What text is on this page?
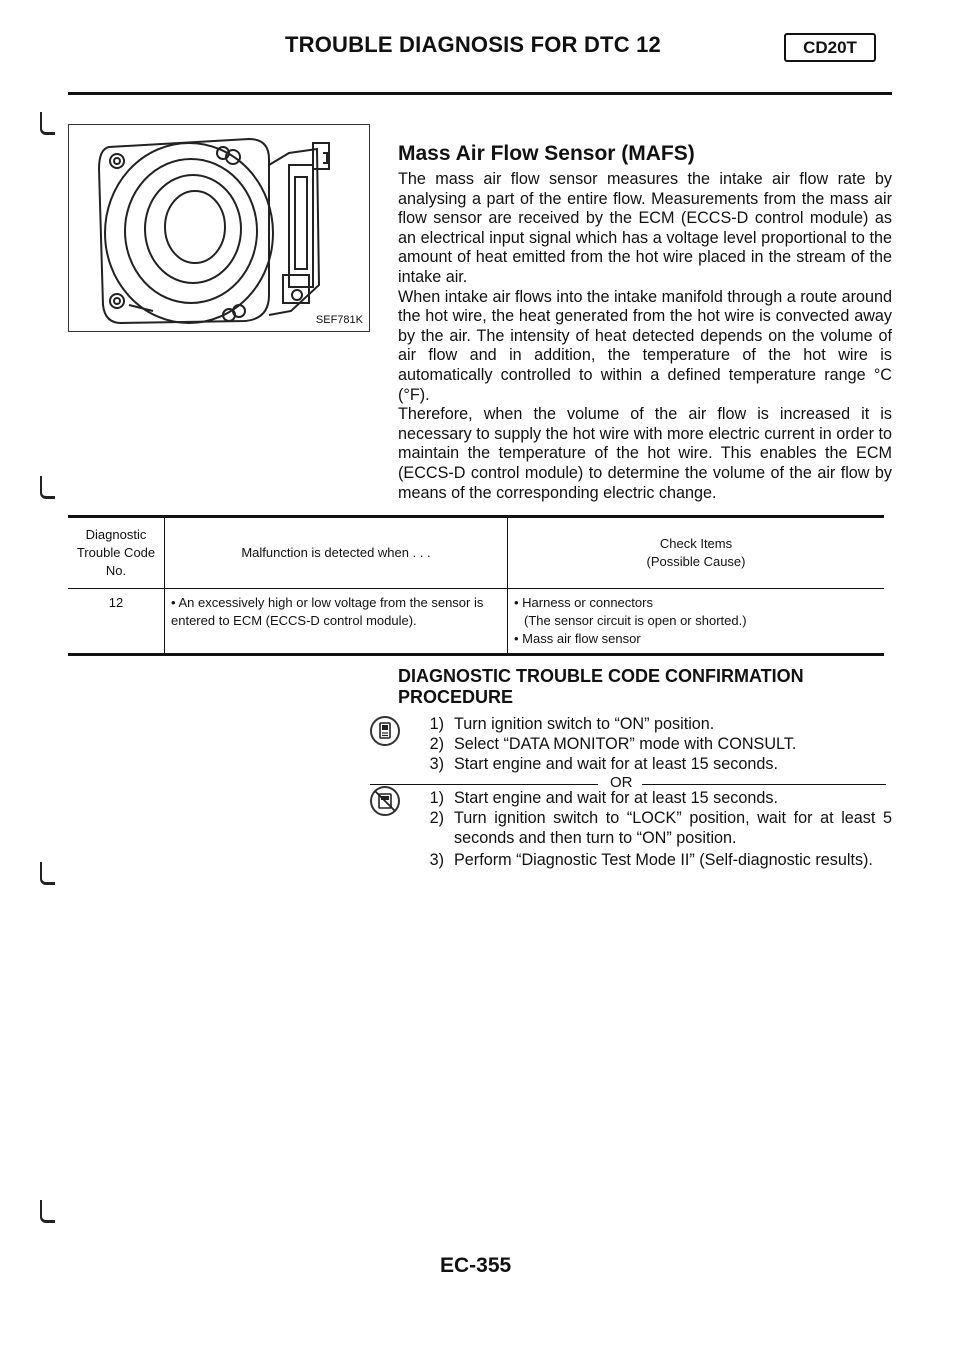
TROUBLE DIAGNOSIS FOR DTC 12	CD20T
SEF781K
Mass Air Flow Sensor (MAFS)

The mass air flow sensor measures the intake air flow rate by analysing a part of the entire flow. Measurements from the mass air flow sensor are received by the ECM (ECCS-D control module) as an electrical input signal which has a voltage level proportional to the amount of heat emitted from the hot wire placed in the stream of the intake air.

When intake air flows into the intake manifold through a route around the hot wire, the heat generated from the hot wire is convected away by the air. The intensity of heat detected depends on the volume of air flow and in addition, the temperature of the hot wire is automatically controlled to within a defined temperature range °C (°F).

Therefore, when the volume of the air flow is increased it is necessary to supply the hot wire with more electric current in order to maintain the temperature of the hot wire. This enables the ECM (ECCS-D control module) to determine the volume of the air flow by means of the corresponding electric change.

Diagnostic Trouble Code No.	Malfunction is detected when . . .	Check Items
(Possible Cause)

12	• An excessively high or low voltage from the sensor is entered to ECM (ECCS-D control module).	• Harness or connectors
(The sensor circuit is open or shorted.)
• Mass air flow sensor
DIAGNOSTIC TROUBLE CODE CONFIRMATION
PROCEDURE
1) Turn ignition switch to “ON” position.
2) Select “DATA MONITOR” mode with CONSULT.
3) Start engine and wait for at least 15 seconds.
OR
1) Start engine and wait for at least 15 seconds.
2) Turn ignition switch to “LOCK” position, wait for at least 5 seconds and then turn to “ON” position.
3) Perform “Diagnostic Test Mode II” (Self-diagnostic results).
EC-355
